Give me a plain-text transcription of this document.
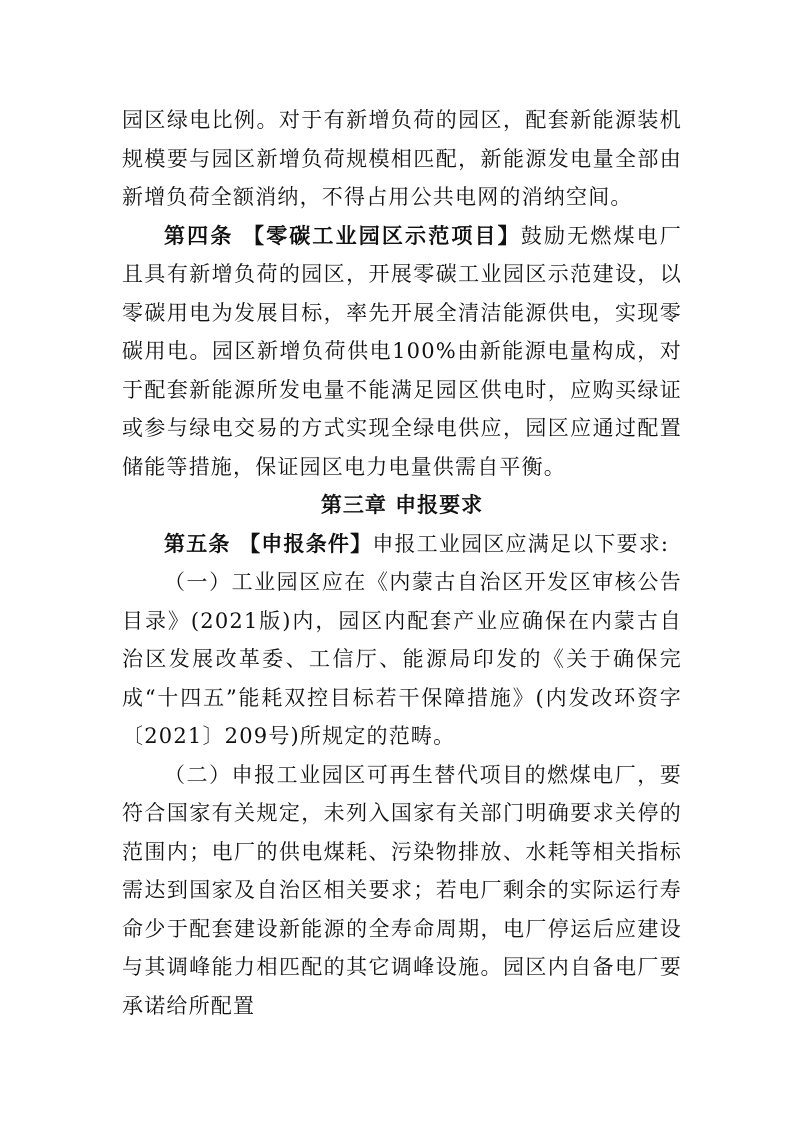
园区绿电比例。对于有新增负荷的园区，配套新能源装机规模要与园区新增负荷规模相匹配，新能源发电量全部由新增负荷全额消纳，不得占用公共电网的消纳空间。

第四条 【零碳工业园区示范项目】鼓励无燃煤电厂且具有新增负荷的园区，开展零碳工业园区示范建设，以零碳用电为发展目标，率先开展全清洁能源供电，实现零碳用电。园区新增负荷供电100%由新能源电量构成，对于配套新能源所发电量不能满足园区供电时，应购买绿证或参与绿电交易的方式实现全绿电供应，园区应通过配置储能等措施，保证园区电力电量供需自平衡。

第三章 申报要求

第五条 【申报条件】申报工业园区应满足以下要求:

（一）工业园区应在《内蒙古自治区开发区审核公告目录》(2021版)内，园区内配套产业应确保在内蒙古自治区发展改革委、工信厅、能源局印发的《关于确保完成“十四五”能耗双控目标若干保障措施》(内发改环资字〔2021〕209号)所规定的范畴。

（二）申报工业园区可再生替代项目的燃煤电厂，要符合国家有关规定，未列入国家有关部门明确要求关停的范围内；电厂的供电煤耗、污染物排放、水耗等相关指标需达到国家及自治区相关要求；若电厂剩余的实际运行寿命少于配套建设新能源的全寿命周期，电厂停运后应建设与其调峰能力相匹配的其它调峰设施。园区内自备电厂要承诺给所配置
